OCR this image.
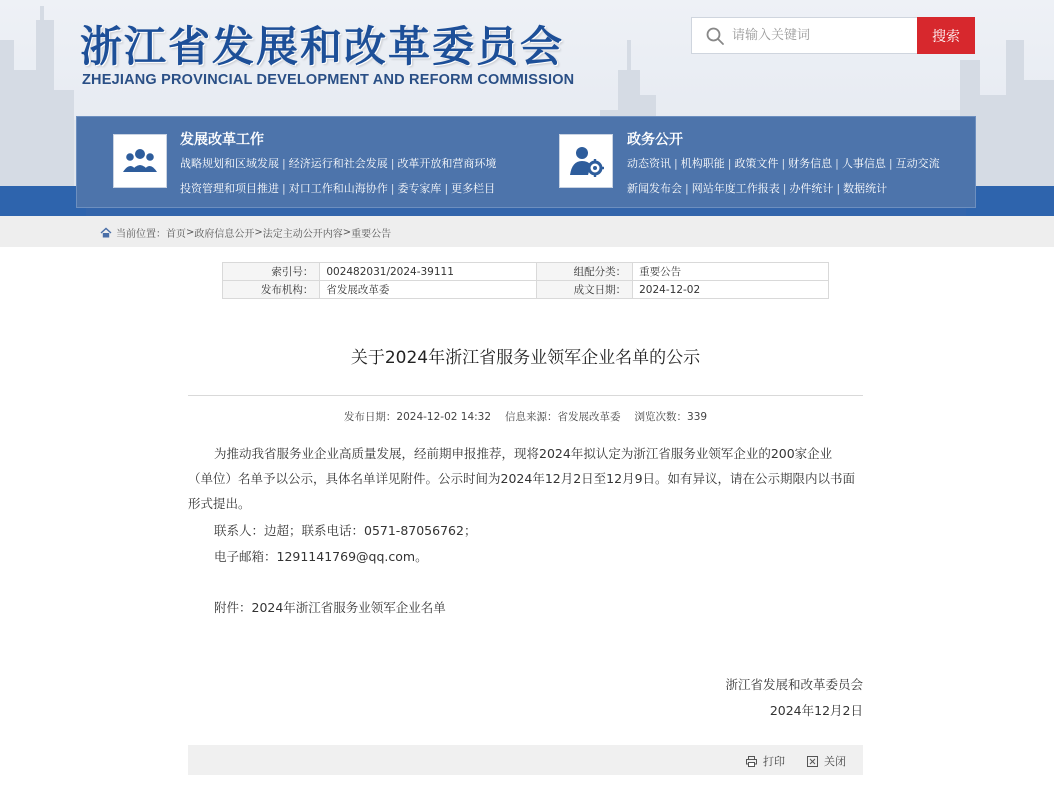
浙江省发展和改革委员会
ZHEJIANG PROVINCIAL DEVELOPMENT AND REFORM COMMISSION
请输入关键词
搜索
发展改革工作
战略规划和区域发展 | 经济运行和社会发展 | 改革开放和营商环境
投资管理和项目推进 | 对口工作和山海协作 | 委专家库 | 更多栏目
政务公开
动态资讯 | 机构职能 | 政策文件 | 财务信息 | 人事信息 | 互动交流
新闻发布会 | 网站年度工作报表 | 办件统计 | 数据统计
当前位置： 首页 > 政府信息公开 > 法定主动公开内容 > 重要公告
索引号：	002482031/2024-39111	组配分类：	重要公告
发布机构：	省发展改革委	成文日期：	2024-12-02
关于2024年浙江省服务业领军企业名单的公示
发布日期：2024-12-02 14:32 信息来源：省发展改革委 浏览次数：339
为推动我省服务业企业高质量发展，经前期申报推荐，现将2024年拟认定为浙江省服务业领军企业的200家企业
（单位）名单予以公示，具体名单详见附件。公示时间为2024年12月2日至12月9日。如有异议，请在公示期限内以书面
形式提出。
联系人：边超；联系电话：0571-87056762；
电子邮箱：1291141769@qq.com。
附件：2024年浙江省服务业领军企业名单
浙江省发展和改革委员会
2024年12月2日
打印	关闭
